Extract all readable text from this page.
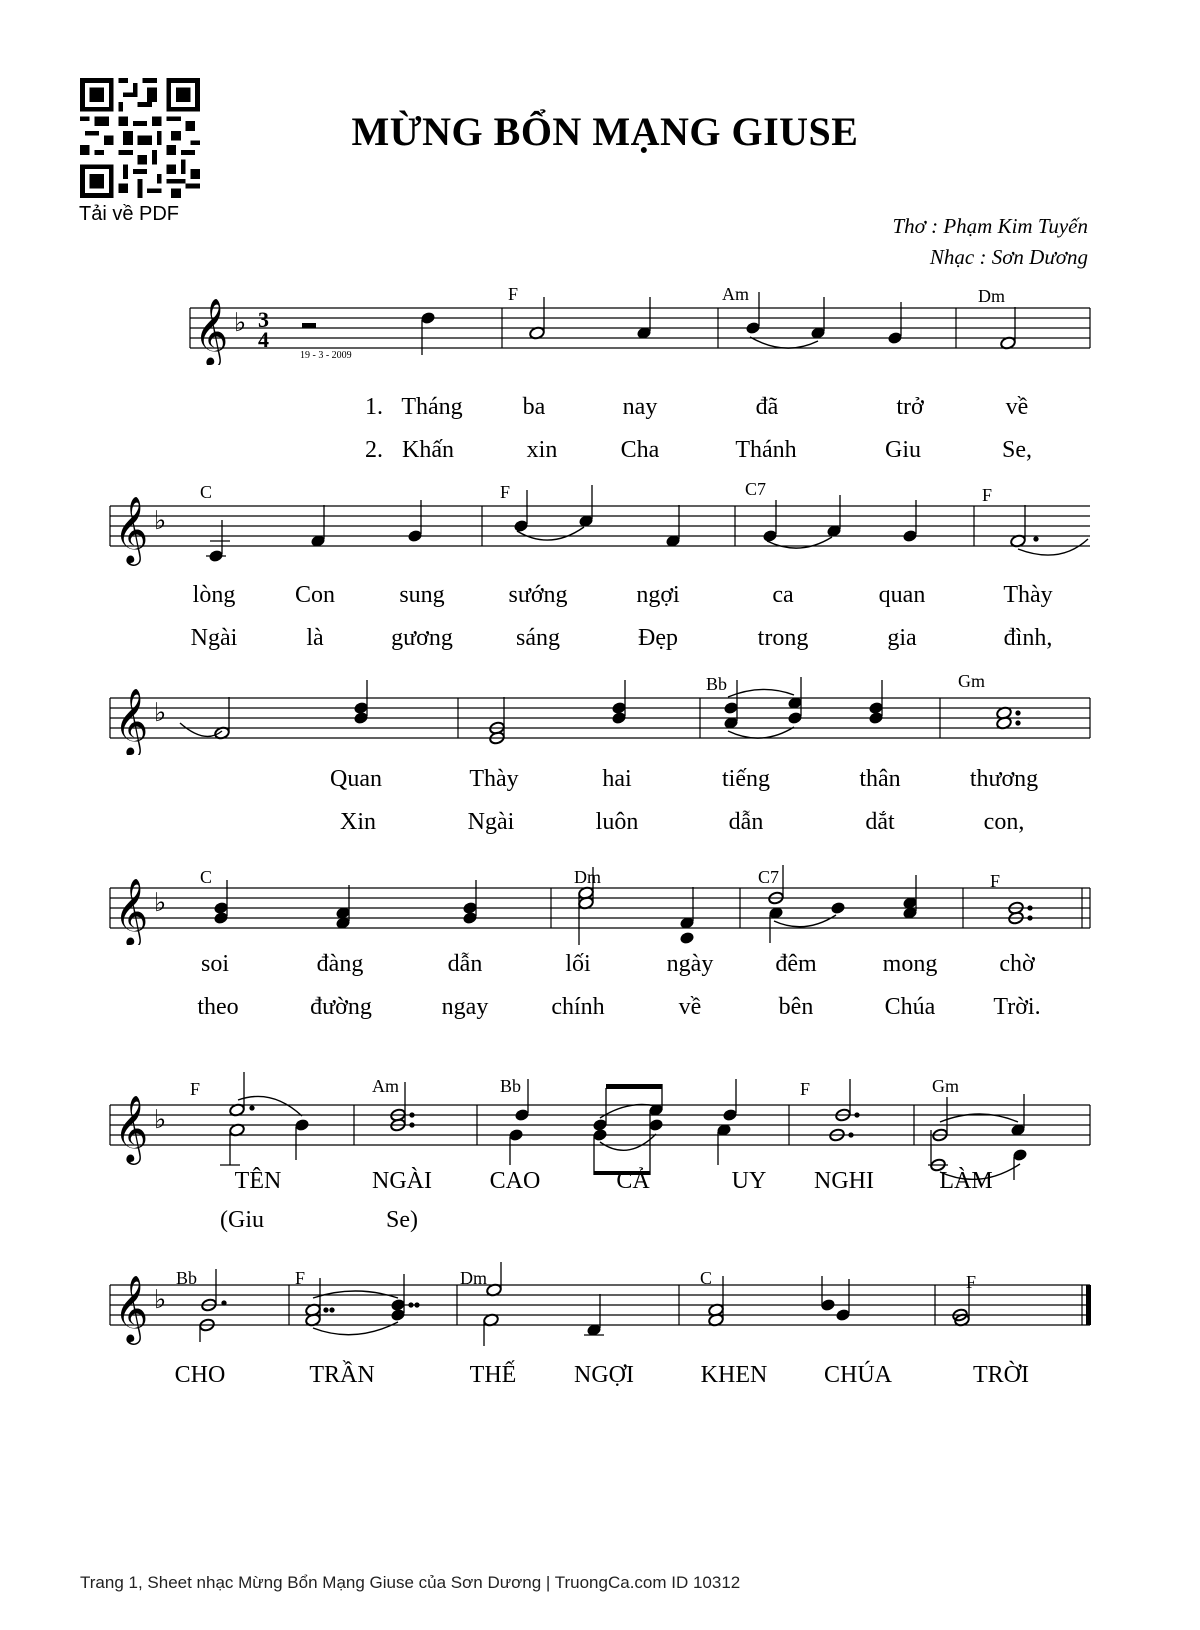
Tải về PDF
MỪNG BỔN MẠNG GIUSE
Thơ : Phạm Kim Tuyến
Nhạc : Sơn Dương
𝄞 ♭ 3
4
19 - 3 - 2009
F	Am	Dm
1. Tháng	ba	nay	đã	trở	về
2. Khấn	xin	Cha	Thánh	Giu	Se,
𝄞 ♭
C	F	C7	F
lòng Con	sung	sướng	ngợi	ca	quan	Thày
Ngài	là	gương	sáng	Đẹp	trong	gia	đình,
𝄞 ♭
Bb	Gm
Quan	Thày	hai	tiếng	thân	thương
Xin	Ngài	luôn	dẫn	dắt	con,
𝄞 ♭
C	Dm	C7	F
soi	đàng	dẫn	lối	ngày	đêm	mong	chờ
theo	đường	ngay	chính	về	bên	Chúa Trời.
𝄞 ♭
F	Am	Bb	F	Gm
TÊN	NGÀI CAO	CẢ	UY NGHI	LÀM
(Giu	Se)
𝄞 ♭
Bb	F	Dm	C	F
CHO	TRẦN	THẾ NGỢI	KHEN CHÚA	TRỜI
Trang 1, Sheet nhạc Mừng Bổn Mạng Giuse của Sơn Dương | TruongCa.com ID 10312
